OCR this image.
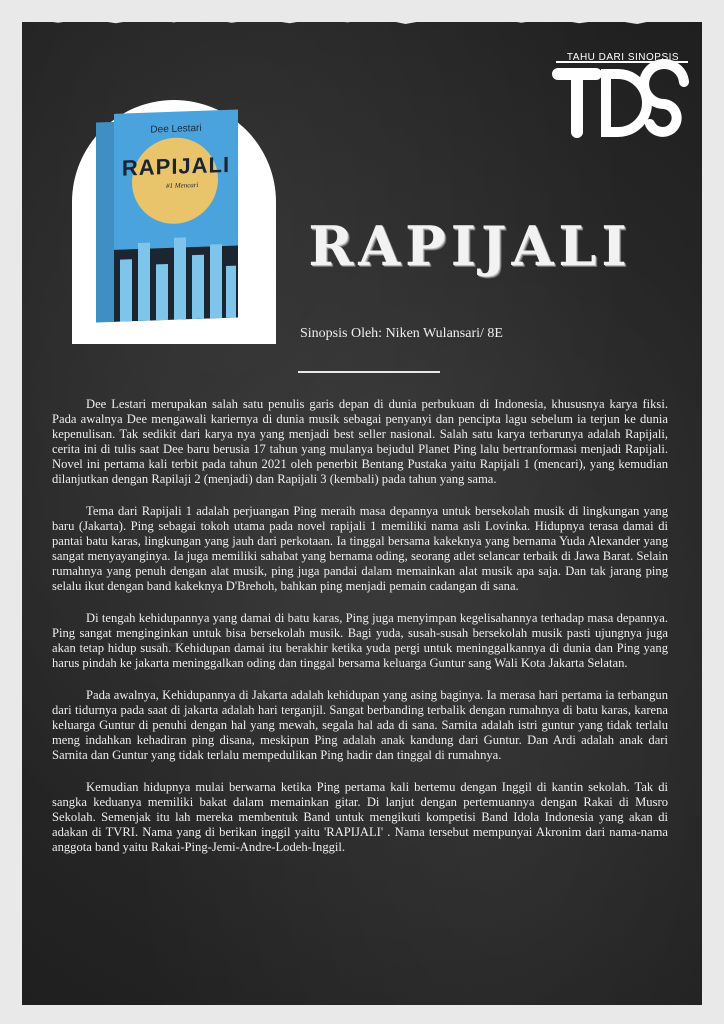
Dee Lestari
RAPIJALI
#1 Mencari
TAHU DARI SINOPSIS
RAPIJALI
Sinopsis Oleh: Niken Wulansari/ 8E
~

Dee Lestari merupakan salah satu penulis garis depan di dunia perbukuan di Indonesia, khususnya karya fiksi. Pada awalnya Dee mengawali kariernya di dunia musik sebagai penyanyi dan pencipta lagu sebelum ia terjun ke dunia kepenulisan. Tak sedikit dari karya nya yang menjadi best seller nasional. Salah satu karya terbarunya adalah Rapijali, cerita ini di tulis saat Dee baru berusia 17 tahun yang mulanya bejudul Planet Ping lalu bertranformasi menjadi Rapijali. Novel ini pertama kali terbit pada tahun 2021 oleh penerbit Bentang Pustaka yaitu Rapijali 1 (mencari), yang kemudian dilanjutkan dengan Rapilaji 2 (menjadi) dan Rapijali 3 (kembali) pada tahun yang sama.

Tema dari Rapijali 1 adalah perjuangan Ping meraih masa depannya untuk bersekolah musik di lingkungan yang baru (Jakarta). Ping sebagai tokoh utama pada novel rapijali 1 memiliki nama asli Lovinka. Hidupnya terasa damai di pantai batu karas, lingkungan yang jauh dari perkotaan. Ia tinggal bersama kakeknya yang bernama Yuda Alexander yang sangat menyayanginya. Ia juga memiliki sahabat yang bernama oding, seorang atlet selancar terbaik di Jawa Barat. Selain rumahnya yang penuh dengan alat musik, ping juga pandai dalam memainkan alat musik apa saja. Dan tak jarang ping selalu ikut dengan band kakeknya D'Brehoh, bahkan ping menjadi pemain cadangan di sana.

Di tengah kehidupannya yang damai di batu karas, Ping juga menyimpan kegelisahannya terhadap masa depannya. Ping sangat menginginkan untuk bisa bersekolah musik. Bagi yuda, susah-susah bersekolah musik pasti ujungnya juga akan tetap hidup susah. Kehidupan damai itu berakhir ketika yuda pergi untuk meninggalkannya di dunia dan Ping yang harus pindah ke jakarta meninggalkan oding dan tinggal bersama keluarga Guntur sang Wali Kota Jakarta Selatan.

Pada awalnya, Kehidupannya di Jakarta adalah kehidupan yang asing baginya. Ia merasa hari pertama ia terbangun dari tidurnya pada saat di jakarta adalah hari terganjil. Sangat berbanding terbalik dengan rumahnya di batu karas, karena keluarga Guntur di penuhi dengan hal yang mewah, segala hal ada di sana. Sarnita adalah istri guntur yang tidak terlalu meng indahkan kehadiran ping disana, meskipun Ping adalah anak kandung dari Guntur. Dan Ardi adalah anak dari Sarnita dan Guntur yang tidak terlalu mempedulikan Ping hadir dan tinggal di rumahnya.

Kemudian hidupnya mulai berwarna ketika Ping pertama kali bertemu dengan Inggil di kantin sekolah. Tak di sangka keduanya memiliki bakat dalam memainkan gitar. Di lanjut dengan pertemuannya dengan Rakai di Musro Sekolah. Semenjak itu lah mereka membentuk Band untuk mengikuti kompetisi Band Idola Indonesia yang akan di adakan di TVRI. Nama yang di berikan inggil yaitu 'RAPIJALI' . Nama tersebut mempunyai Akronim dari nama-nama anggota band yaitu Rakai-Ping-Jemi-Andre-Lodeh-Inggil.
